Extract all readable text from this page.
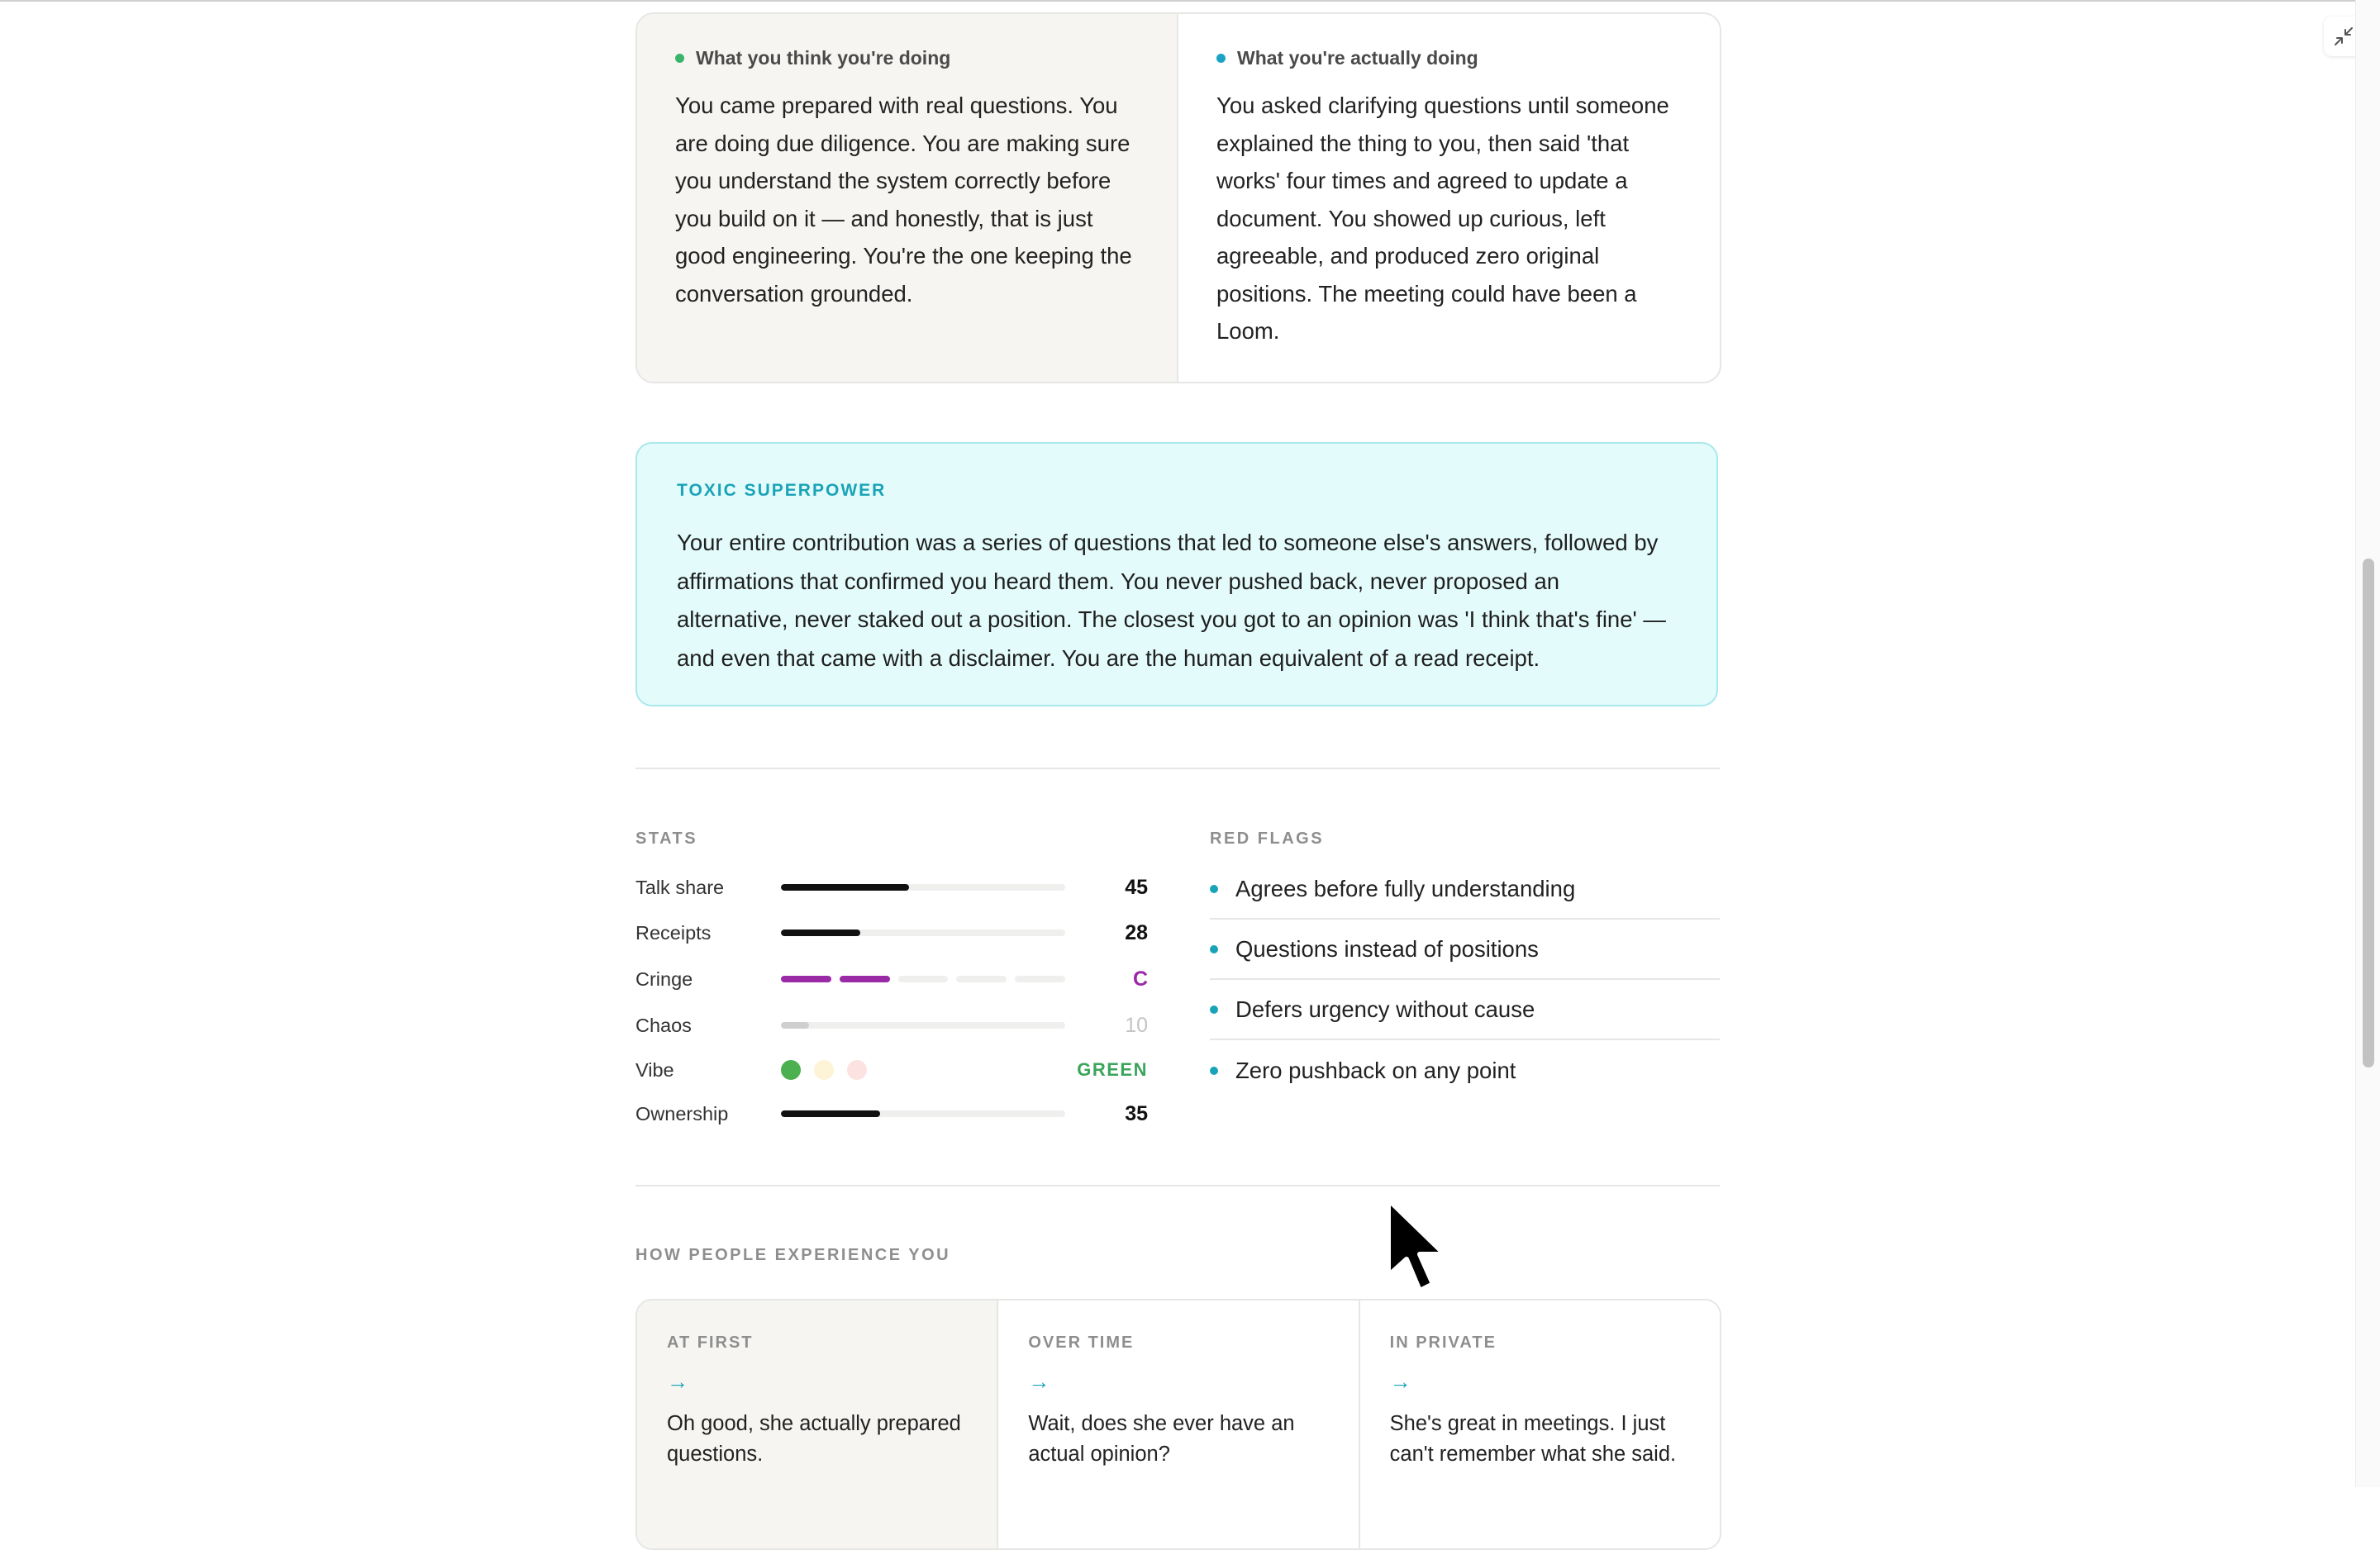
What you think you're doing
You came prepared with real questions. You are doing due diligence. You are making sure you understand the system correctly before you build on it — and honestly, that is just good engineering. You're the one keeping the conversation grounded.
What you're actually doing
You asked clarifying questions until someone explained the thing to you, then said 'that works' four times and agreed to update a document. You showed up curious, left agreeable, and produced zero original positions. The meeting could have been a Loom.
TOXIC SUPERPOWER
Your entire contribution was a series of questions that led to someone else's answers, followed by affirmations that confirmed you heard them. You never pushed back, never proposed an alternative, never staked out a position. The closest you got to an opinion was 'I think that's fine' — and even that came with a disclaimer. You are the human equivalent of a read receipt.
STATS
Talk share	45
Receipts	28
Cringe	C
Chaos	10
Vibe	GREEN
Ownership	35
RED FLAGS
Agrees before fully understanding
Questions instead of positions
Defers urgency without cause
Zero pushback on any point
HOW PEOPLE EXPERIENCE YOU
AT FIRST
→
Oh good, she actually prepared questions.
OVER TIME
→
Wait, does she ever have an actual opinion?
IN PRIVATE
→
She's great in meetings. I just can't remember what she said.
